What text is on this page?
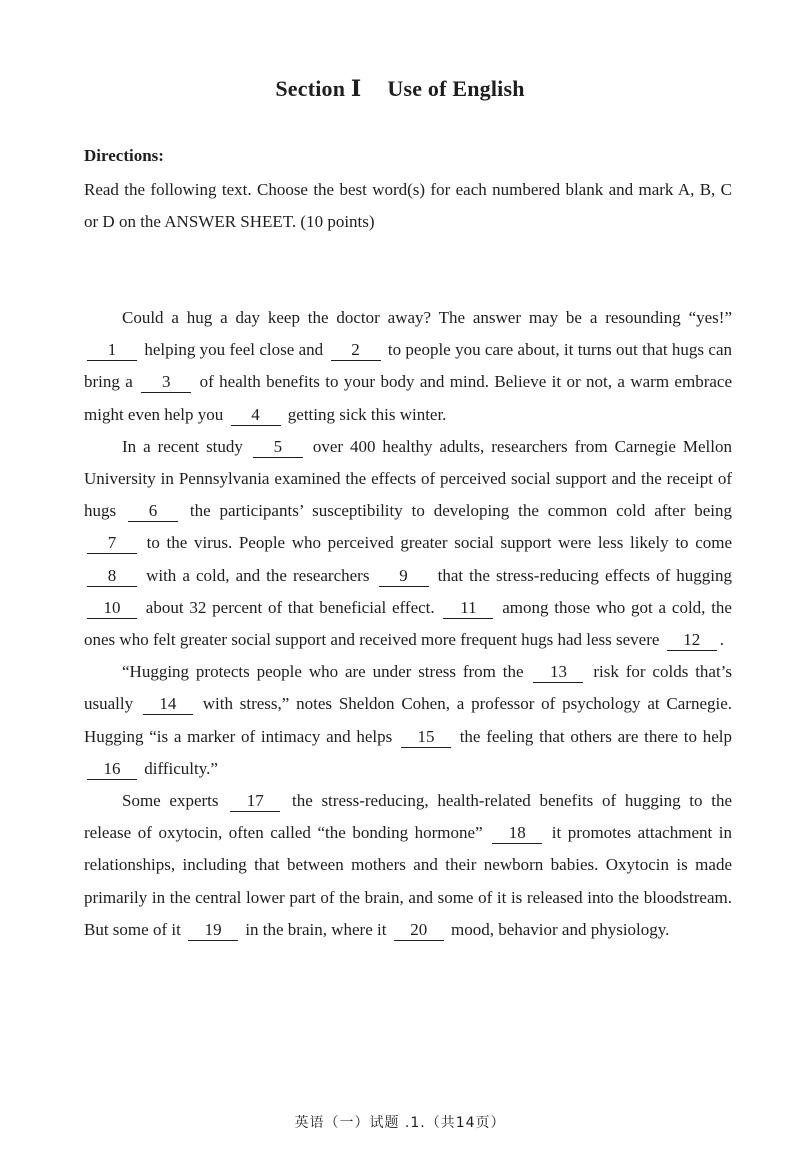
Section Ⅰ Use of English
Directions:
Read the following text. Choose the best word(s) for each numbered blank and mark A, B, C or D on the ANSWER SHEET. (10 points)

Could a hug a day keep the doctor away? The answer may be a resounding “yes!” 1 helping you feel close and 2 to people you care about, it turns out that hugs can bring a 3 of health benefits to your body and mind. Believe it or not, a warm embrace might even help you 4 getting sick this winter.

In a recent study 5 over 400 healthy adults, researchers from Carnegie Mellon University in Pennsylvania examined the effects of perceived social support and the receipt of hugs 6 the participants’ susceptibility to developing the common cold after being 7 to the virus. People who perceived greater social support were less likely to come 8 with a cold, and the researchers 9 that the stress-reducing effects of hugging 10 about 32 percent of that beneficial effect. 11 among those who got a cold, the ones who felt greater social support and received more frequent hugs had less severe 12 .

“Hugging protects people who are under stress from the 13 risk for colds that’s usually 14 with stress,” notes Sheldon Cohen, a professor of psychology at Carnegie. Hugging “is a marker of intimacy and helps 15 the feeling that others are there to help 16 difficulty.”

Some experts 17 the stress-reducing, health-related benefits of hugging to the release of oxytocin, often called “the bonding hormone” 18 it promotes attachment in relationships, including that between mothers and their newborn babies. Oxytocin is made primarily in the central lower part of the brain, and some of it is released into the bloodstream. But some of it 19 in the brain, where it 20 mood, behavior and physiology.

英语（一）试题 .1.（共14页）
